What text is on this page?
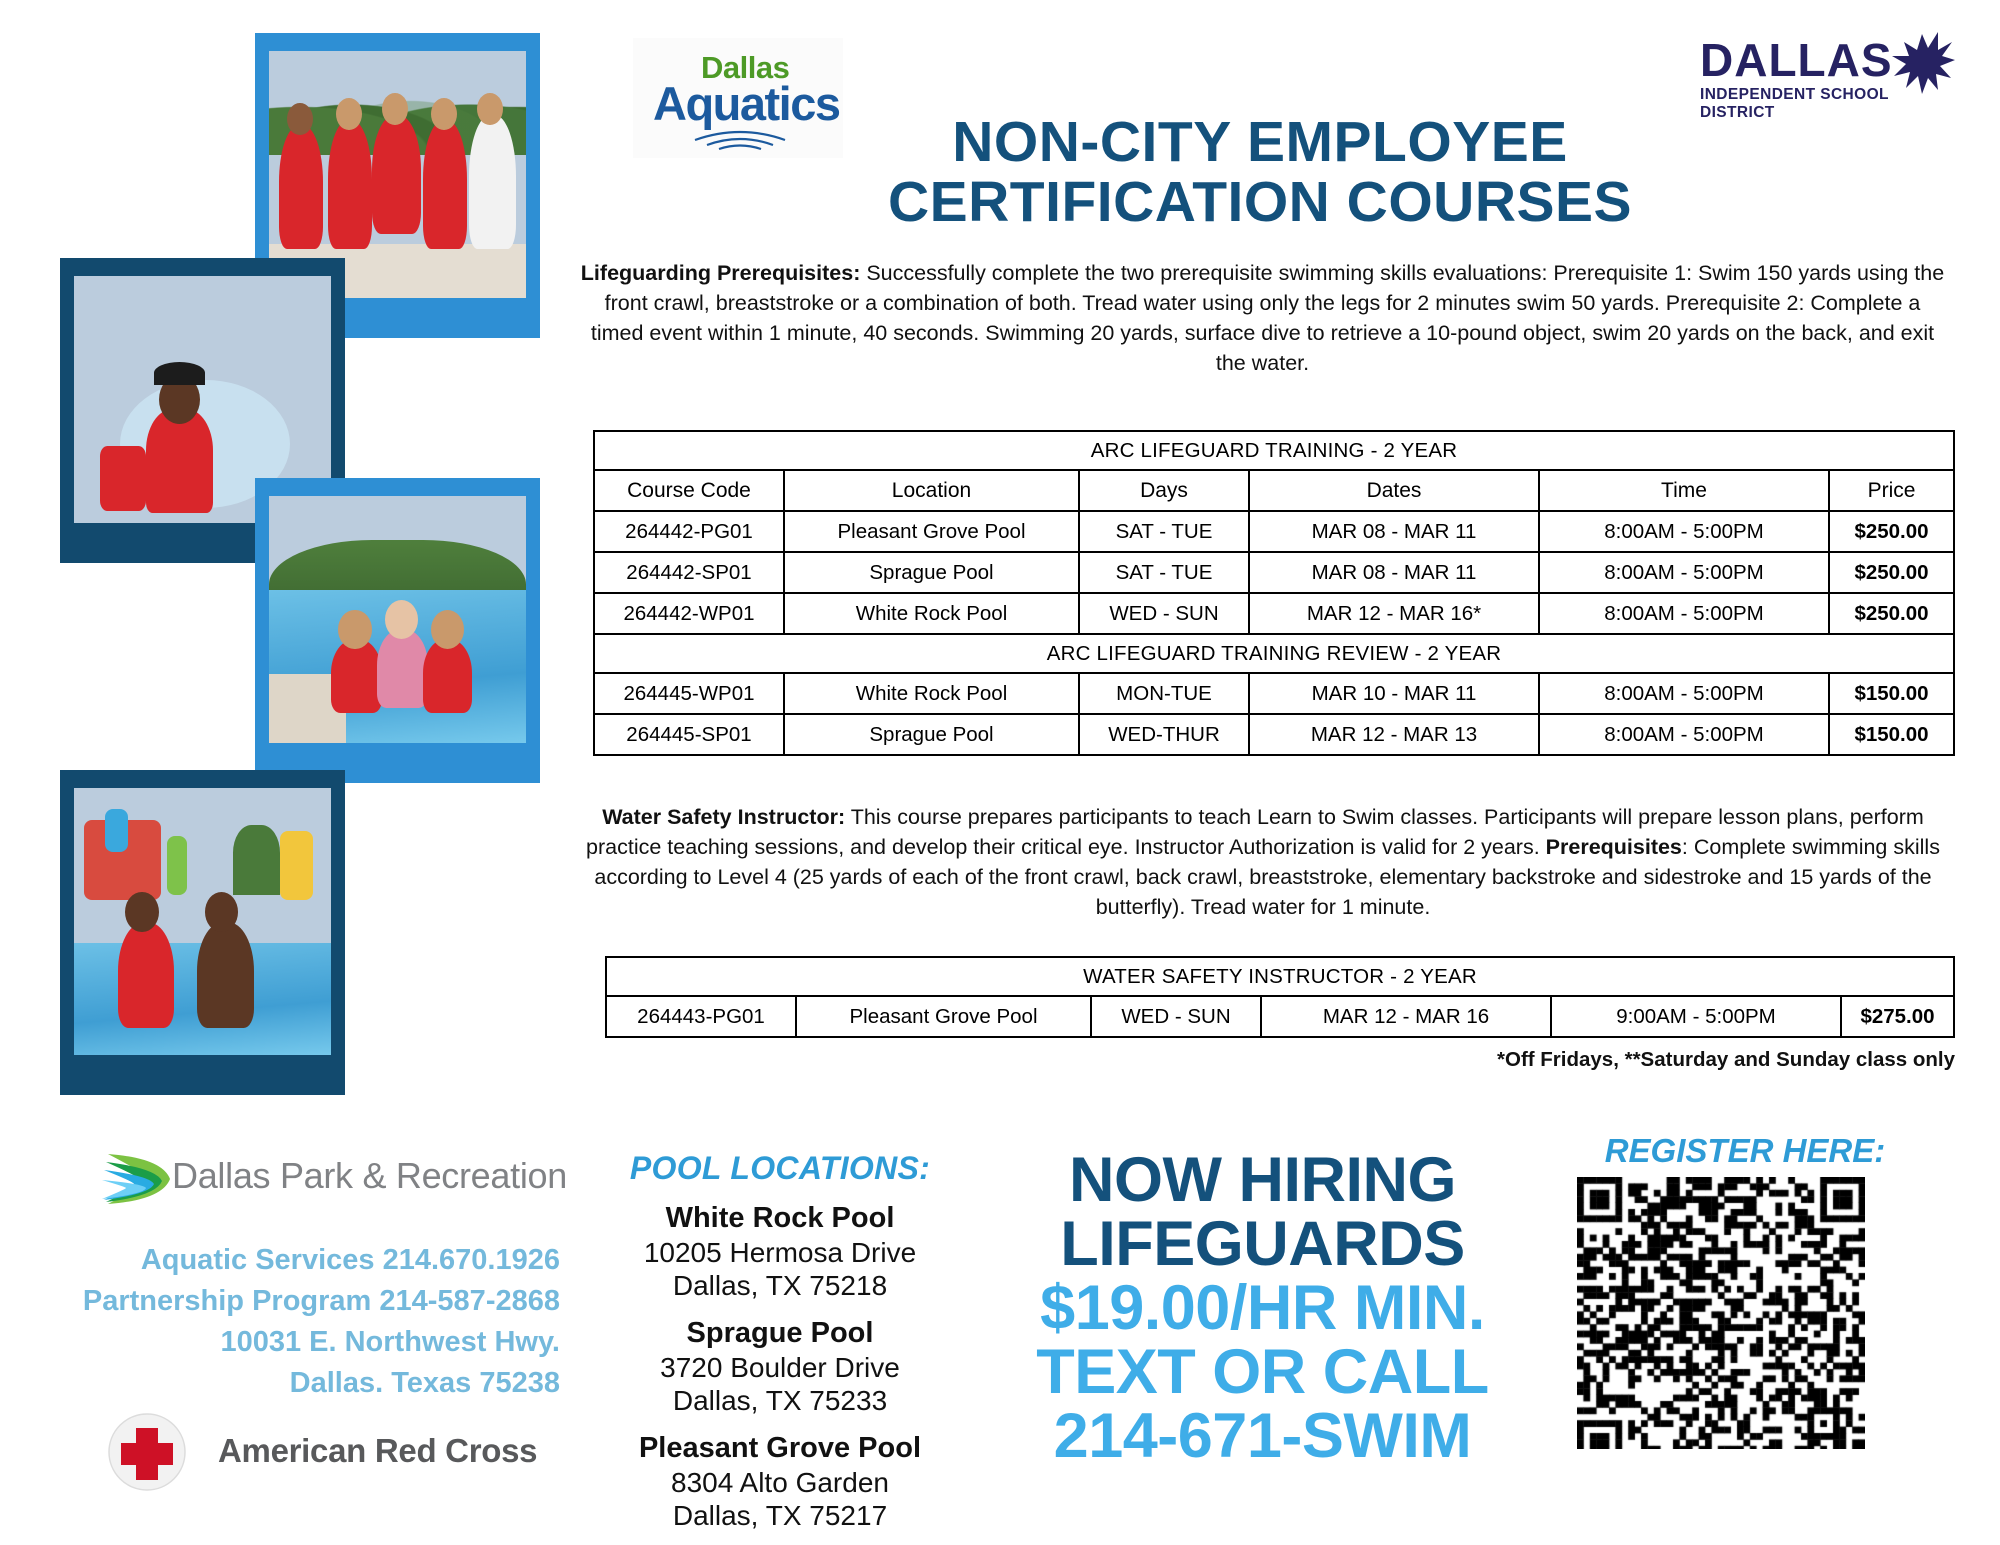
Dallas
Aquatics
DALLAS
INDEPENDENT SCHOOL DISTRICT
NON-CITY EMPLOYEE
CERTIFICATION COURSES

Lifeguarding Prerequisites: Successfully complete the two prerequisite swimming skills evaluations: Prerequisite 1: Swim 150 yards using the front crawl, breaststroke or a combination of both. Tread water using only the legs for 2 minutes swim 50 yards. Prerequisite 2: Complete a timed event within 1 minute, 40 seconds. Swimming 20 yards, surface dive to retrieve a 10-pound object, swim 20 yards on the back, and exit the water.

ARC LIFEGUARD TRAINING - 2 YEAR					
Course Code	Location	Days	Dates	Time	Price
264442-PG01	Pleasant Grove Pool	SAT - TUE	MAR 08 - MAR 11	8:00AM - 5:00PM	$250.00
264442-SP01	Sprague Pool	SAT - TUE	MAR 08 - MAR 11	8:00AM - 5:00PM	$250.00
264442-WP01	White Rock Pool	WED - SUN	MAR 12 - MAR 16*	8:00AM - 5:00PM	$250.00
ARC LIFEGUARD TRAINING REVIEW - 2 YEAR					
264445-WP01	White Rock Pool	MON-TUE	MAR 10 - MAR 11	8:00AM - 5:00PM	$150.00
264445-SP01	Sprague Pool	WED-THUR	MAR 12 - MAR 13	8:00AM - 5:00PM	$150.00

Water Safety Instructor: This course prepares participants to teach Learn to Swim classes. Participants will prepare lesson plans, perform practice teaching sessions, and develop their critical eye. Instructor Authorization is valid for 2 years. Prerequisites: Complete swimming skills according to Level 4 (25 yards of each of the front crawl, back crawl, breaststroke, elementary backstroke and sidestroke and 15 yards of the butterfly). Tread water for 1 minute.

WATER SAFETY INSTRUCTOR - 2 YEAR
264443-PG01	Pleasant Grove Pool	WED - SUN	MAR 12 - MAR 16	9:00AM - 5:00PM	$275.00
*Off Fridays, **Saturday and Sunday class only
Dallas Park & Recreation
Aquatic Services 214.670.1926
Partnership Program 214-587-2868
10031 E. Northwest Hwy.
Dallas. Texas 75238
American Red Cross
POOL LOCATIONS:
White Rock Pool
10205 Hermosa Drive
Dallas, TX 75218
Sprague Pool
3720 Boulder Drive
Dallas, TX 75233
Pleasant Grove Pool
8304 Alto Garden
Dallas, TX 75217
NOW HIRING
LIFEGUARDS
$19.00/HR MIN.
TEXT OR CALL
214-671-SWIM
REGISTER HERE:
